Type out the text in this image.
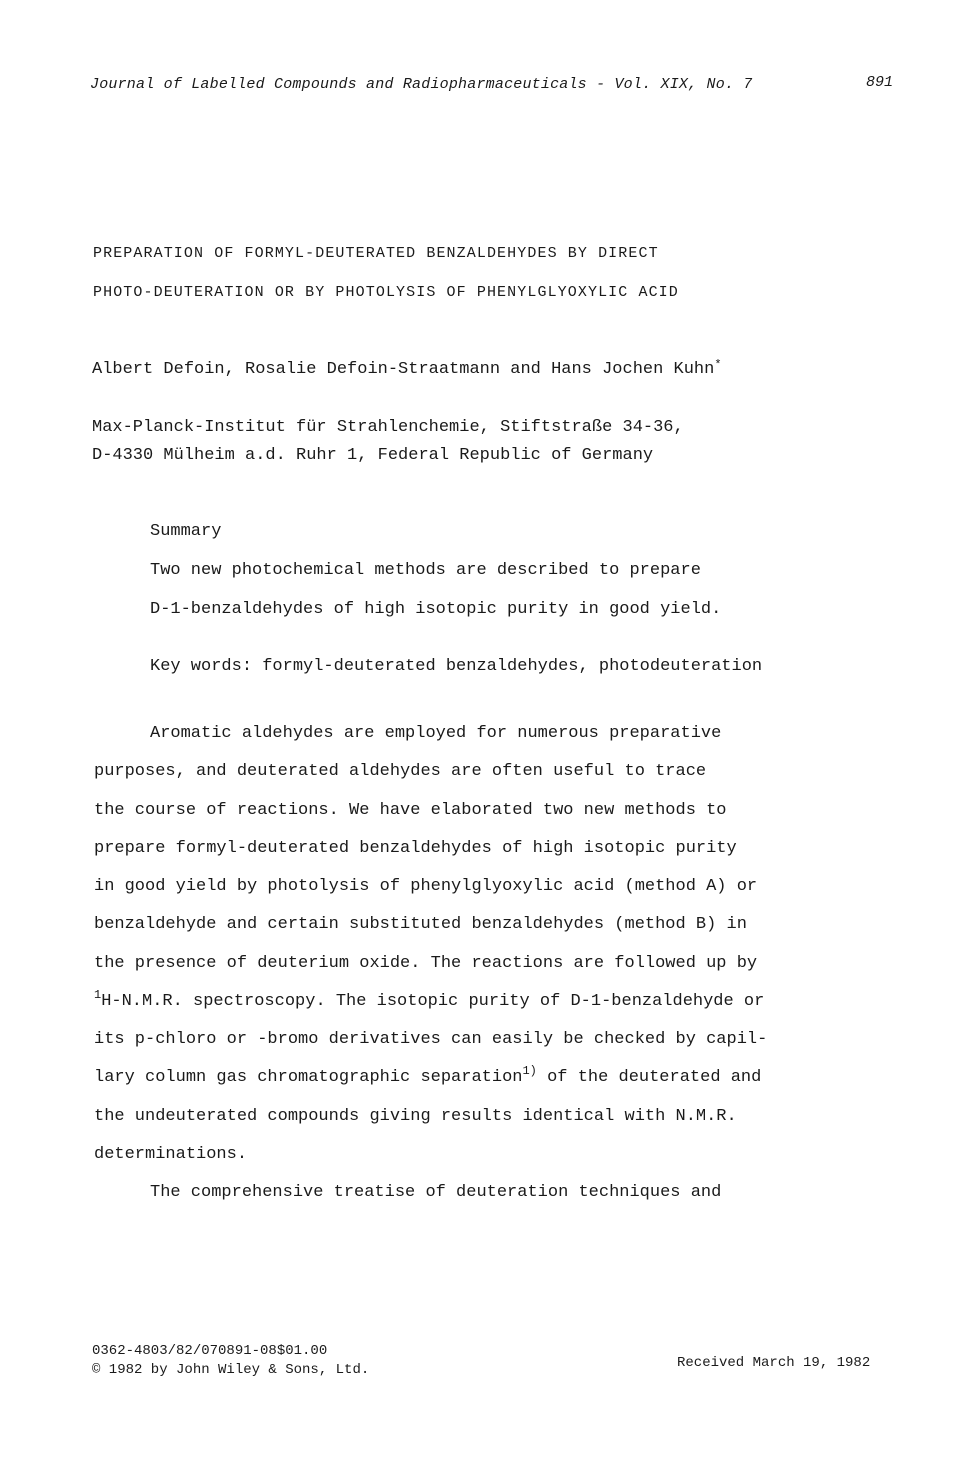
Journal of Labelled Compounds and Radiopharmaceuticals - Vol. XIX, No. 7	891
PREPARATION OF FORMYL-DEUTERATED BENZALDEHYDES BY DIRECT
PHOTO-DEUTERATION OR BY PHOTOLYSIS OF PHENYLGLYOXYLIC ACID
Albert Defoin, Rosalie Defoin-Straatmann and Hans Jochen Kuhn*
Max-Planck-Institut für Strahlenchemie, Stiftstraße 34-36,
D-4330 Mülheim a.d. Ruhr 1, Federal Republic of Germany
Summary
Two new photochemical methods are described to prepare
D-1-benzaldehydes of high isotopic purity in good yield.
Key words: formyl-deuterated benzaldehydes, photodeuteration
Aromatic aldehydes are employed for numerous preparative
purposes, and deuterated aldehydes are often useful to trace
the course of reactions. We have elaborated two new methods to
prepare formyl-deuterated benzaldehydes of high isotopic purity
in good yield by photolysis of phenylglyoxylic acid (method A) or
benzaldehyde and certain substituted benzaldehydes (method B) in
the presence of deuterium oxide. The reactions are followed up by
$^1$H-N.M.R. spectroscopy. The isotopic purity of D-1-benzaldehyde or
its p-chloro or -bromo derivatives can easily be checked by capil-
lary column gas chromatographic separation$^{1)}$ of the deuterated and
the undeuterated compounds giving results identical with N.M.R.
determinations.
The comprehensive treatise of deuteration techniques and
0362-4803/82/070891-08$01.00
© 1982 by John Wiley & Sons, Ltd.	Received March 19, 1982
